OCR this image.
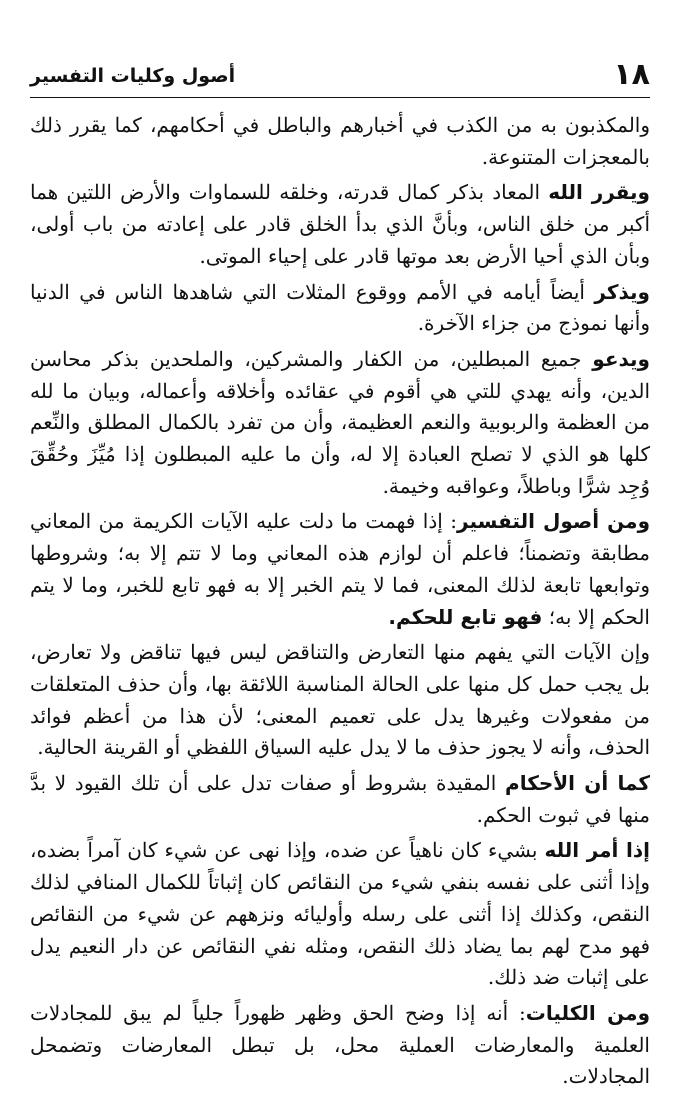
١٨
أصول وكليات التفسير

والمكذبون به من الكذب في أخبارهم والباطل في أحكامهم، كما يقرر ذلك بالمعجزات المتنوعة.

ويقرر الله المعاد بذكر كمال قدرته، وخلقه للسماوات والأرض اللتين هما أكبر من خلق الناس، وبأنَّ الذي بدأ الخلق قادر على إعادته من باب أولى، وبأن الذي أحيا الأرض بعد موتها قادر على إحياء الموتى.

ويذكر أيضاً أيامه في الأمم ووقوع المثلات التي شاهدها الناس في الدنيا وأنها نموذج من جزاء الآخرة.

ويدعو جميع المبطلين، من الكفار والمشركين، والملحدين بذكر محاسن الدين، وأنه يهدي للتي هي أقوم في عقائده وأخلاقه وأعماله، وبيان ما لله من العظمة والربوبية والنعم العظيمة، وأن من تفرد بالكمال المطلق والنِّعم كلها هو الذي لا تصلح العبادة إلا له، وأن ما عليه المبطلون إذا مُيِّزَ وحُقِّقَ وُجِد شرًّا وباطلاً، وعواقبه وخيمة.

ومن أصول التفسير: إذا فهمت ما دلت عليه الآيات الكريمة من المعاني مطابقة وتضمناً؛ فاعلم أن لوازم هذه المعاني وما لا تتم إلا به؛ وشروطها وتوابعها تابعة لذلك المعنى، فما لا يتم الخبر إلا به فهو تابع للخبر، وما لا يتم الحكم إلا به؛ فهو تابع للحكم.

وإن الآيات التي يفهم منها التعارض والتناقض ليس فيها تناقض ولا تعارض، بل يجب حمل كل منها على الحالة المناسبة اللائقة بها، وأن حذف المتعلقات من مفعولات وغيرها يدل على تعميم المعنى؛ لأن هذا من أعظم فوائد الحذف، وأنه لا يجوز حذف ما لا يدل عليه السياق اللفظي أو القرينة الحالية.

كما أن الأحكام المقيدة بشروط أو صفات تدل على أن تلك القيود لا بدَّ منها في ثبوت الحكم.

إذا أمر الله بشيء كان ناهياً عن ضده، وإذا نهى عن شيء كان آمراً بضده، وإذا أثنى على نفسه بنفي شيء من النقائص كان إثباتاً للكمال المنافي لذلك النقص، وكذلك إذا أثنى على رسله وأوليائه ونزههم عن شيء من النقائص فهو مدح لهم بما يضاد ذلك النقص، ومثله نفي النقائص عن دار النعيم يدل على إثبات ضد ذلك.

ومن الكليات: أنه إذا وضح الحق وظهر ظهوراً جلياً لم يبق للمجادلات العلمية والمعارضات العملية محل، بل تبطل المعارضات وتضمحل المجادلات.
